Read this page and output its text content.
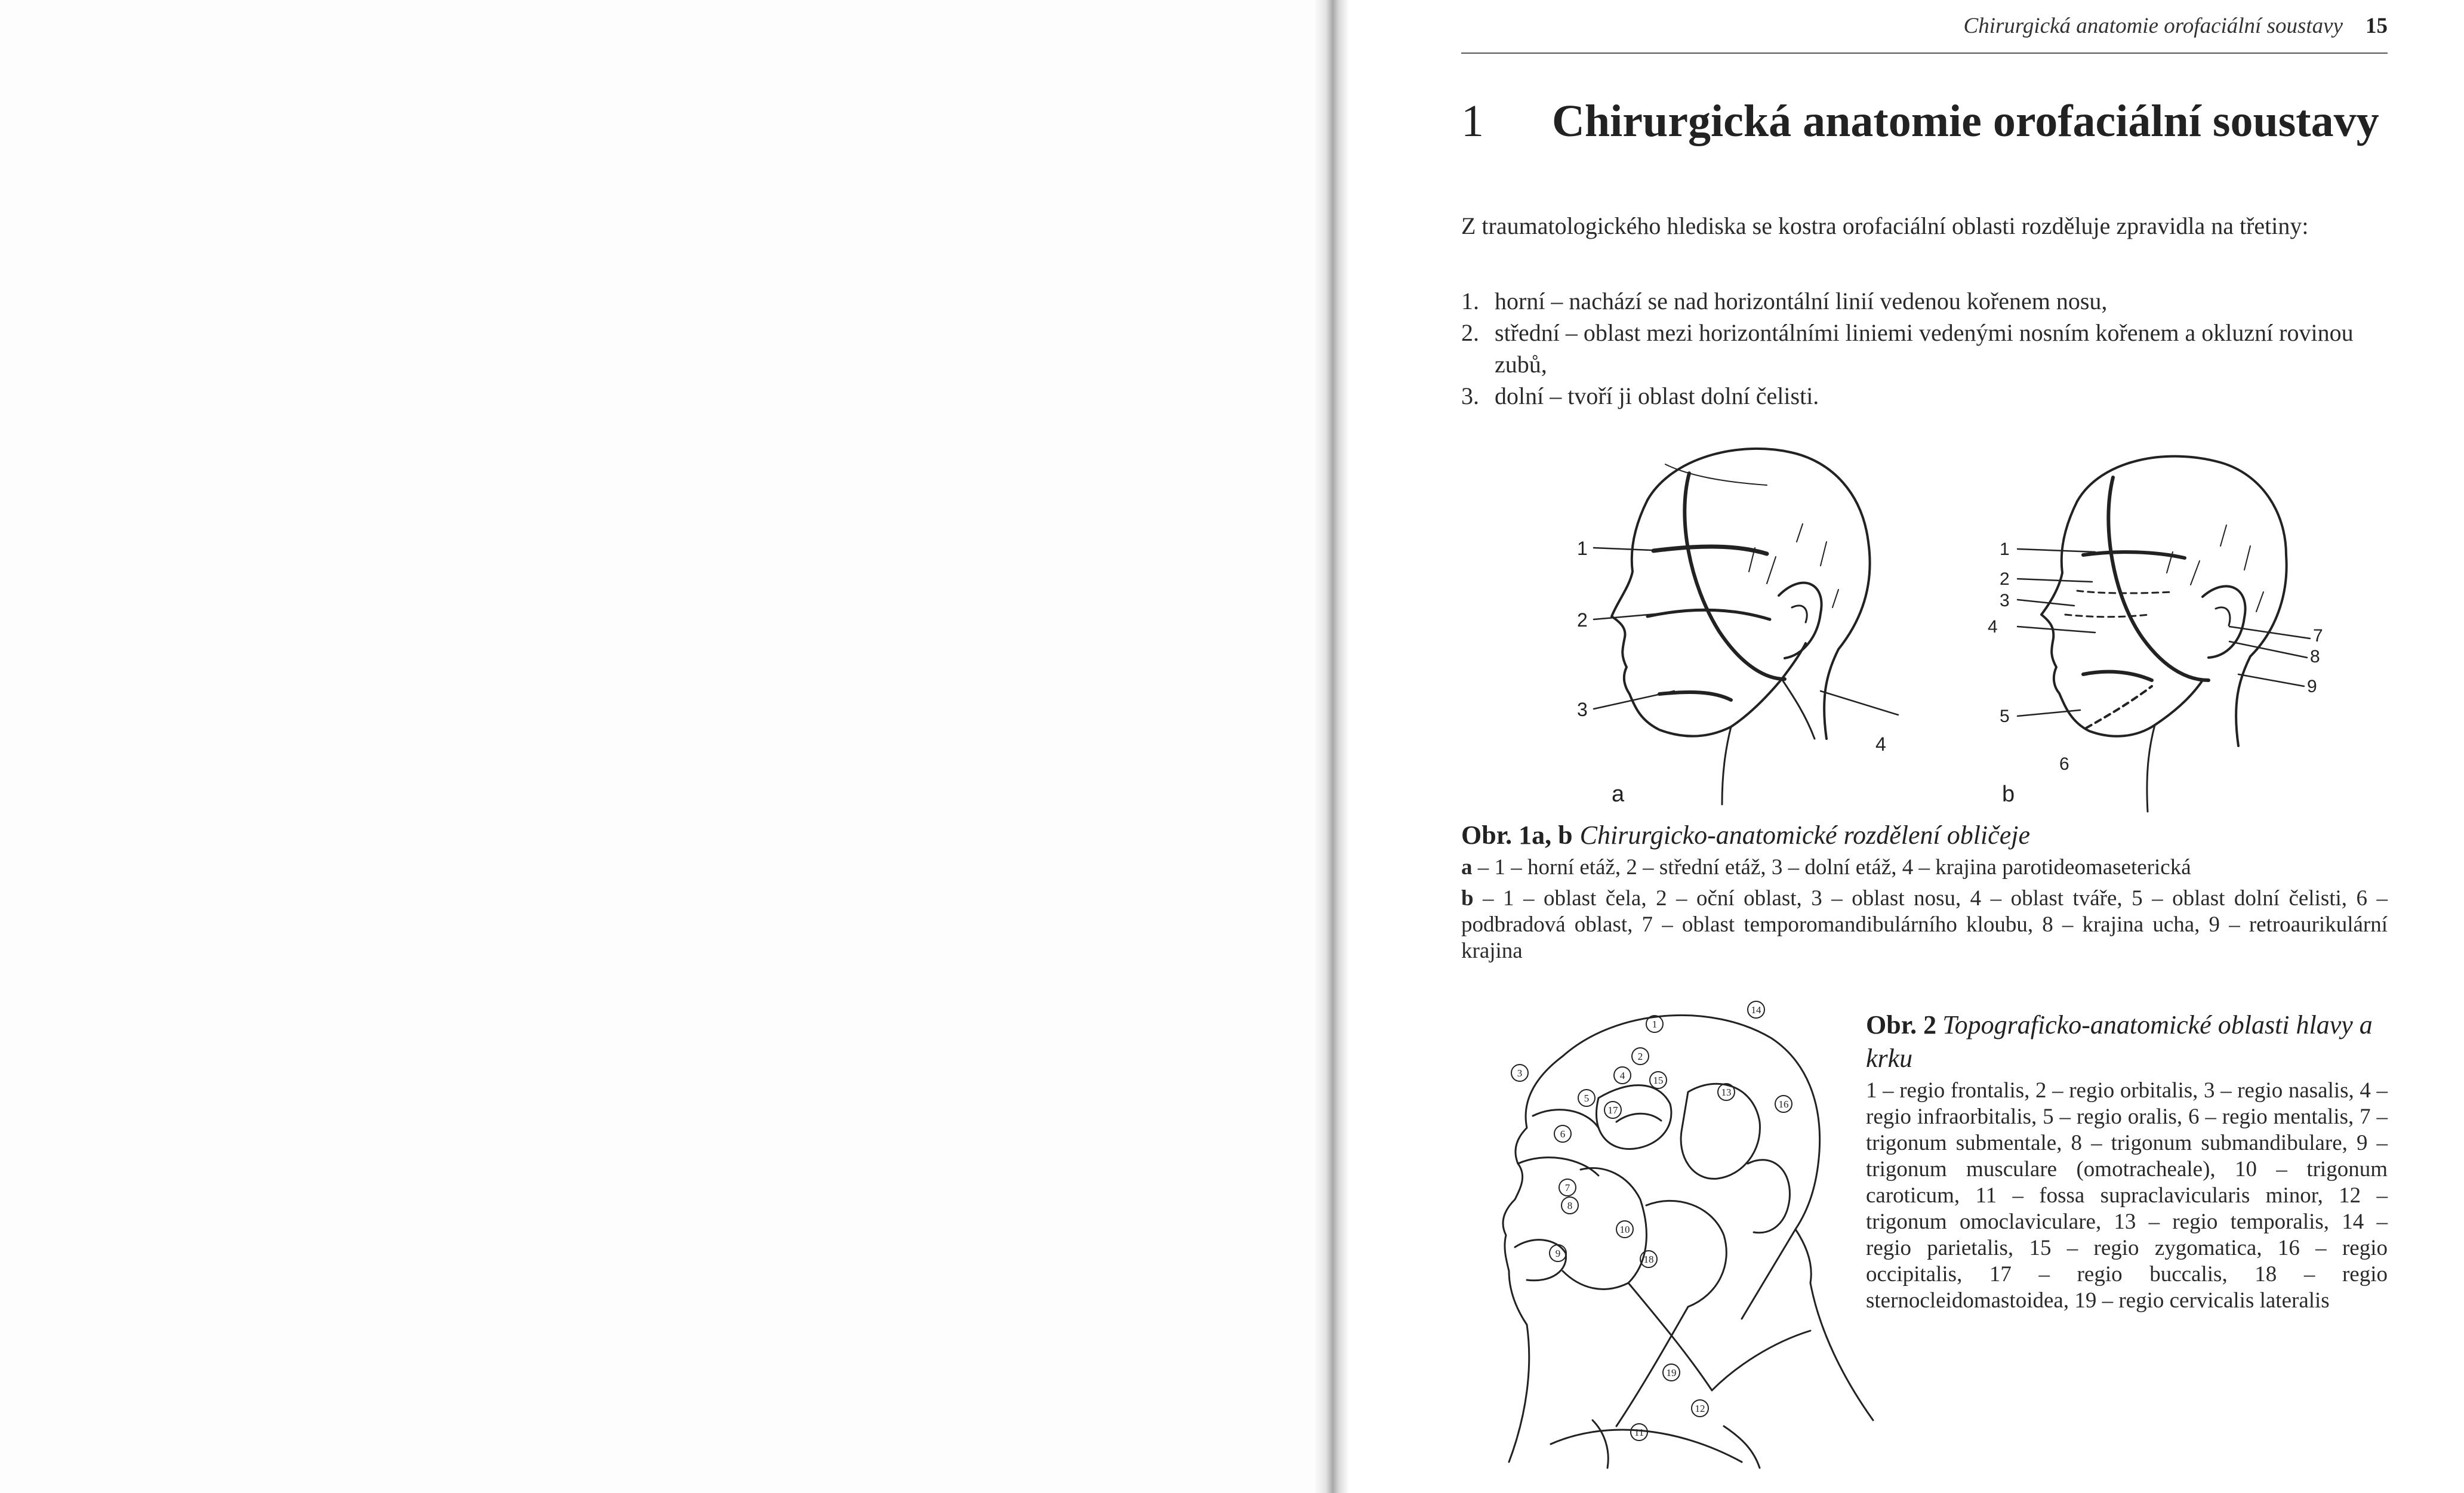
Chirurgická anatomie orofaciální soustavy 15
1 Chirurgická anatomie orofaciální soustavy

Z traumatologického hlediska se kostra orofaciální oblasti rozděluje zpravidla na třetiny:

1. horní – nachází se nad horizontální linií vedenou kořenem nosu,
2. střední – oblast mezi horizontálními liniemi vedenými nosním kořenem a okluzní rovinou zubů,
3. dolní – tvoří ji oblast dolní čelisti.
1
2
3
4
a
1
2
3
4
5
6
7
8
9
b
Obr. 1a, b Chirurgicko-anatomické rozdělení obličeje

a – 1 – horní etáž, 2 – střední etáž, 3 – dolní etáž, 4 – krajina parotideomaseterická

b – 1 – oblast čela, 2 – oční oblast, 3 – oblast nosu, 4 – oblast tváře, 5 – oblast dolní čelisti, 6 – podbradová oblast, 7 – oblast temporomandibulárního kloubu, 8 – krajina ucha, 9 – retroaurikulární krajina

1
2
3	4
5
6
7
8
9
10
11
12
13
14
15
16
17
18
19
Obr. 2 Topograficko-anatomické oblasti hlavy a krku

1 – regio frontalis, 2 – regio orbitalis, 3 – regio nasalis, 4 – regio infraorbitalis, 5 – regio oralis, 6 – regio mentalis, 7 – trigonum submentale, 8 – trigonum submandibulare, 9 – trigonum musculare (omotracheale), 10 – trigonum caroticum, 11 – fossa supraclavicularis minor, 12 – trigonum omoclaviculare, 13 – regio temporalis, 14 – regio parietalis, 15 – regio zygomatica, 16 – regio occipitalis, 17 – regio buccalis, 18 – regio sternocleidomastoidea, 19 – regio cervicalis lateralis
